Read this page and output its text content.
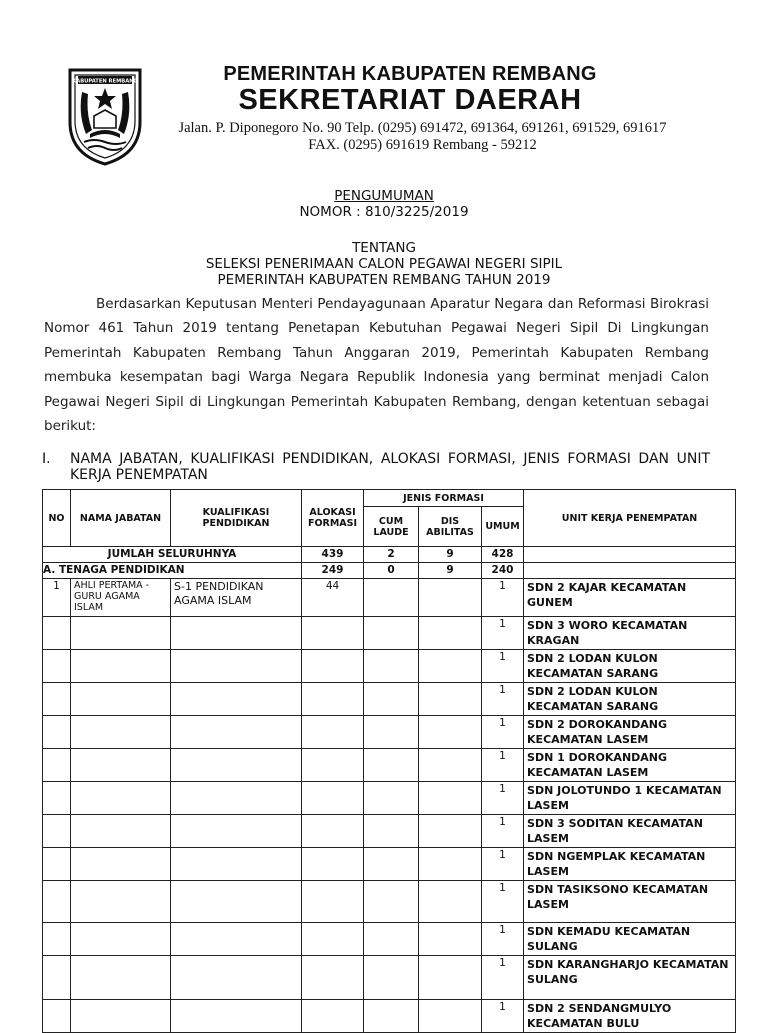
KABUPATEN REMBANG	PEMERINTAH KABUPATEN REMBANG
SEKRETARIAT DAERAH
Jalan. P. Diponegoro No. 90 Telp. (0295) 691472, 691364, 691261, 691529, 691617
FAX. (0295) 691619 Rembang - 59212
PENGUMUMAN
NOMOR : 810/3225/2019
TENTANG
SELEKSI PENERIMAAN CALON PEGAWAI NEGERI SIPIL
PEMERINTAH KABUPATEN REMBANG TAHUN 2019
Berdasarkan Keputusan Menteri Pendayagunaan Aparatur Negara dan Reformasi Birokrasi Nomor 461 Tahun 2019 tentang Penetapan Kebutuhan Pegawai Negeri Sipil Di Lingkungan Pemerintah Kabupaten Rembang Tahun Anggaran 2019, Pemerintah Kabupaten Rembang membuka kesempatan bagi Warga Negara Republik Indonesia yang berminat menjadi Calon Pegawai Negeri Sipil di Lingkungan Pemerintah Kabupaten Rembang, dengan ketentuan sebagai berikut:
I. NAMA JABATAN, KUALIFIKASI PENDIDIKAN, ALOKASI FORMASI, JENIS FORMASI DAN UNIT KERJA PENEMPATAN
NO	NAMA JABATAN	KUALIFIKASI PENDIDIKAN	ALOKASI FORMASI	JENIS FORMASI			UNIT KERJA PENEMPATAN
				CUM LAUDE	DIS ABILITAS	UMUM	
JUMLAH SELURUHNYA			439	2	9	428	
A. TENAGA PENDIDIKAN			249	0	9	240	
1	AHLI PERTAMA - GURU AGAMA ISLAM	S-1 PENDIDIKAN AGAMA ISLAM	44			1	SDN 2 KAJAR KECAMATAN GUNEM
						1	SDN 3 WORO KECAMATAN KRAGAN
						1	SDN 2 LODAN KULON KECAMATAN SARANG
						1	SDN 2 LODAN KULON KECAMATAN SARANG
						1	SDN 2 DOROKANDANG KECAMATAN LASEM
						1	SDN 1 DOROKANDANG KECAMATAN LASEM
						1	SDN JOLOTUNDO 1 KECAMATAN LASEM
						1	SDN 3 SODITAN KECAMATAN LASEM
						1	SDN NGEMPLAK KECAMATAN LASEM
						1	SDN TASIKSONO KECAMATAN LASEM
						1	SDN KEMADU KECAMATAN SULANG
						1	SDN KARANGHARJO KECAMATAN SULANG
						1	SDN 2 SENDANGMULYO KECAMATAN BULU
